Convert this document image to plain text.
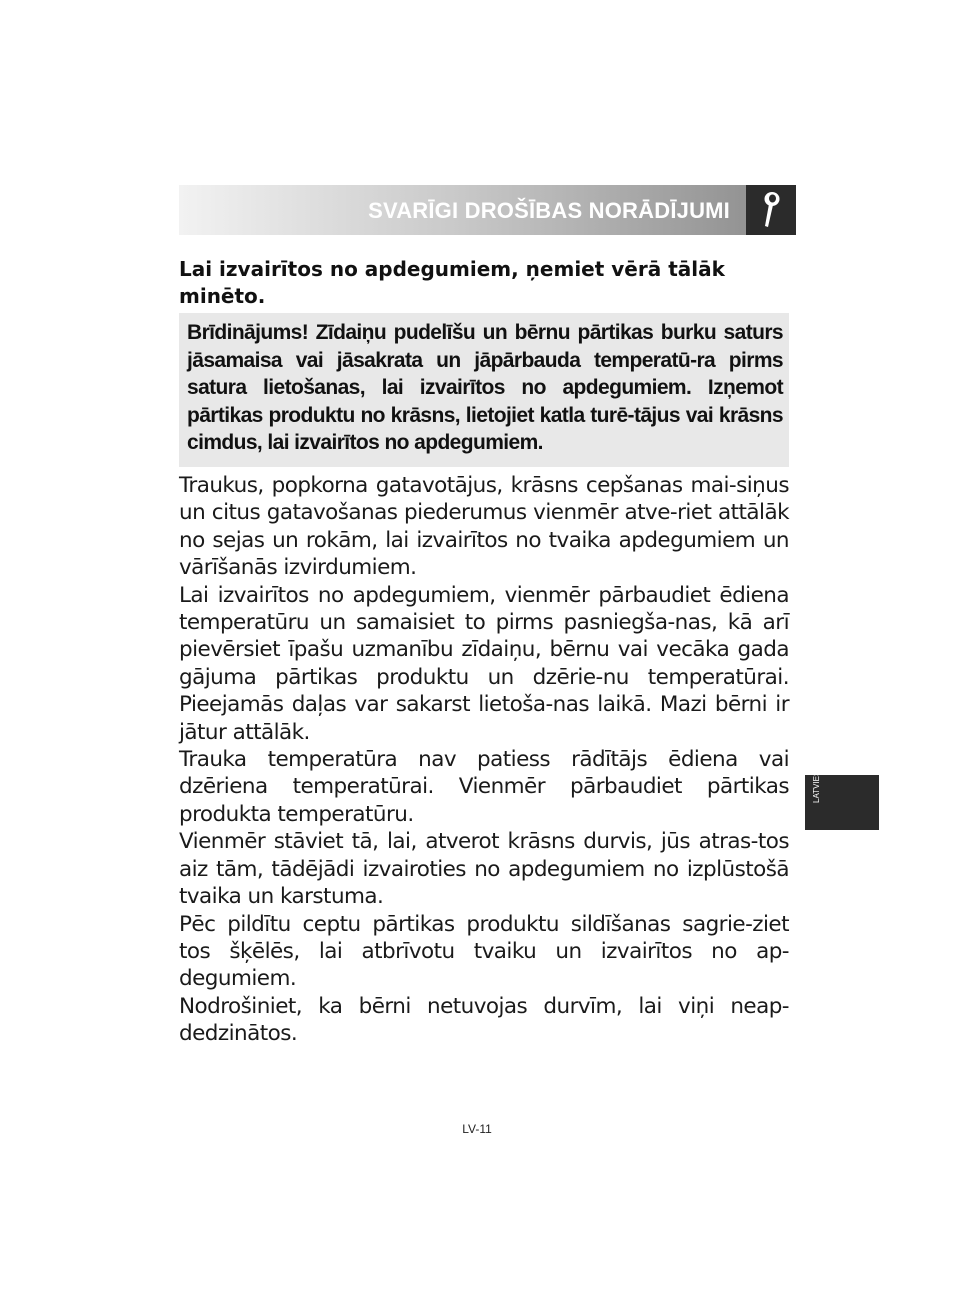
SVARĪGI DROŠĪBAS NORĀDĪJUMI
Lai izvairītos no apdegumiem, ņemiet vērā tālāk minēto.
Brīdinājums! Zīdaiņu pudelīšu un bērnu pārtikas burku saturs jāsamaisa vai jāsakrata un jāpārbauda temperatū-ra pirms satura lietošanas, lai izvairītos no apdegumiem. Izņemot pārtikas produktu no krāsns, lietojiet katla turē-tājus vai krāsns cimdus, lai izvairītos no apdegumiem.

Traukus, popkorna gatavotājus, krāsns cepšanas mai-siņus un citus gatavošanas piederumus vienmēr atve-riet attālāk no sejas un rokām, lai izvairītos no tvaika apdegumiem un vārīšanās izvirdumiem.

Lai izvairītos no apdegumiem, vienmēr pārbaudiet ēdiena temperatūru un samaisiet to pirms pasniegša-nas, kā arī pievērsiet īpašu uzmanību zīdaiņu, bērnu vai vecāka gada gājuma pārtikas produktu un dzērie-nu temperatūrai. Pieejamās daļas var sakarst lietoša-nas laikā. Mazi bērni ir jātur attālāk.

Trauka temperatūra nav patiess rādītājs ēdiena vai dzēriena temperatūrai. Vienmēr pārbaudiet pārtikas produkta temperatūru.

Vienmēr stāviet tā, lai, atverot krāsns durvis, jūs atras-tos aiz tām, tādējādi izvairoties no apdegumiem no izplūstošā tvaika un karstuma.

Pēc pildītu ceptu pārtikas produktu sildīšanas sagrie-ziet tos šķēlēs, lai atbrīvotu tvaiku un izvairītos no ap-degumiem.

Nodrošiniet, ka bērni netuvojas durvīm, lai viņi neap-dedzinātos.

LATVIEŠU
LV-11
